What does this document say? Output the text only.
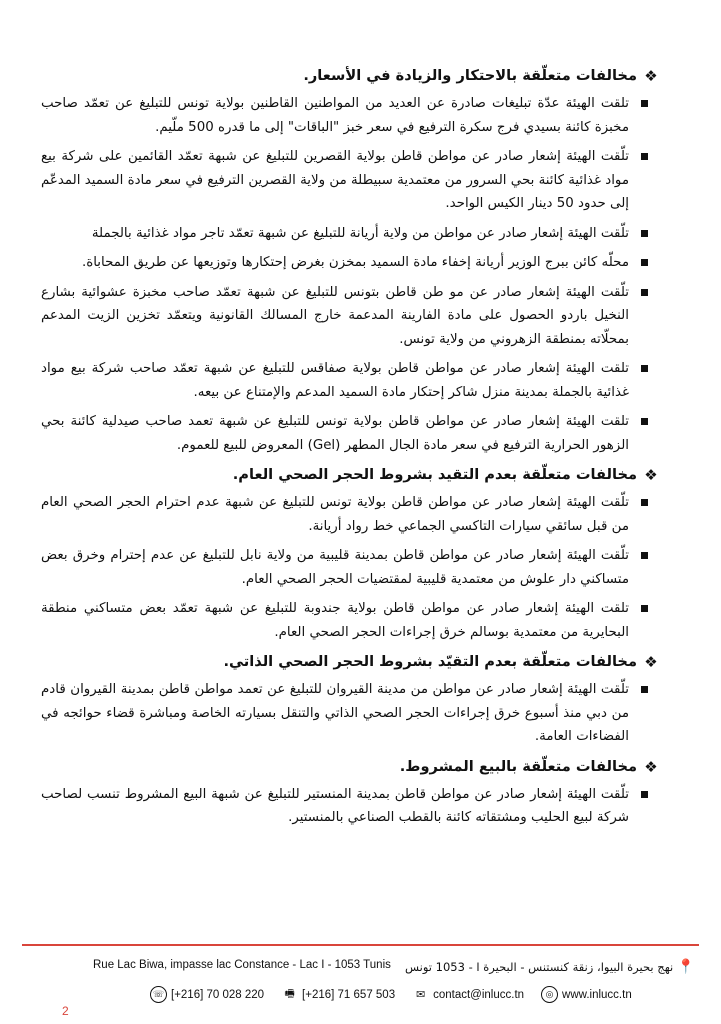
❖
مخالفات متعلّقة بالاحتكار والزيادة في الأسعار.
تلقت الهيئة عدّة تبليغات صادرة عن العديد من المواطنين القاطنين بولاية تونس للتبليغ عن تعمّد صاحب مخبزة كائنة بسيدي فرج سكرة الترفيع في سعر خبز "الباقات" إلى ما قدره 500 ملّيم.
تلّقت الهيئة إشعار صادر عن مواطن قاطن بولاية القصرين للتبليغ عن شبهة تعمّد القائمين على شركة بيع مواد غذائية كائنة بحي السرور من معتمدية سبيطلة من ولاية القصرين الترفيع في سعر مادة السميد المدعّم إلى حدود 50 دينار الكيس الواحد.
تلّقت الهيئة إشعار صادر عن مواطن من ولاية أريانة للتبليغ عن شبهة تعمّد تاجر مواد غذائية بالجملة
محلّه كائن ببرج الوزير أريانة إخفاء مادة السميد بمخزن بغرض إحتكارها وتوزيعها عن طريق المحاباة.
تلّقت الهيئة إشعار صادر عن مو طن قاطن بتونس للتبليغ عن شبهة تعمّد صاحب مخبزة عشوائية بشارع النخيل باردو الحصول على مادة الفارينة المدعمة خارج المسالك القانونية ويتعمّد تخزين الزيت المدعم بمحلّاته بمنطقة الزهروني من ولاية تونس.
تلقت الهيئة إشعار صادر عن مواطن قاطن بولاية صفاقس للتبليغ عن شبهة تعمّد صاحب شركة بيع مواد غذائية بالجملة بمدينة منزل شاكر إحتكار مادة السميد المدعم والإمتناع عن بيعه.
تلقت الهيئة إشعار صادر عن مواطن قاطن بولاية تونس للتبليغ عن شبهة تعمد صاحب صيدلية كائنة بحي الزهور الحرارية الترفيع في سعر مادة الجال المطهر (Gel) المعروض للبيع للعموم.
❖
مخالفات متعلّقة بعدم التقيد بشروط الحجر الصحي العام.
تلّقت الهيئة إشعار صادر عن مواطن قاطن بولاية تونس للتبليغ عن شبهة عدم احترام الحجر الصحي العام من قبل سائقي سيارات التاكسي الجماعي خط رواد أريانة.
تلّقت الهيئة إشعار صادر عن مواطن قاطن بمدينة قليبية من ولاية نابل للتبليغ عن عدم إحترام وخرق بعض متساكني دار علوش من معتمدية قليبية لمقتضيات الحجر الصحي العام.
تلقت الهيئة إشعار صادر عن مواطن قاطن بولاية جندوبة للتبليغ عن شبهة تعمّد بعض متساكني منطقة البحايرية من معتمدية بوسالم خرق إجراءات الحجر الصحي العام.
❖
مخالفات متعلّقة بعدم التقيّد بشروط الحجر الصحي الذاتي.
تلّقت الهيئة إشعار صادر عن مواطن من مدينة القيروان للتبليغ عن تعمد مواطن قاطن بمدينة القيروان قادم من دبي منذ أسبوع خرق إجراءات الحجر الصحي الذاتي والتنقل بسيارته الخاصة ومباشرة قضاء حوائجه في الفضاءات العامة.
❖
مخالفات متعلّقة بالبيع المشروط.
تلّقت الهيئة إشعار صادر عن مواطن قاطن بمدينة المنستير للتبليغ عن شبهة البيع المشروط تنسب لصاحب شركة لبيع الحليب ومشتقاته كائنة بالقطب الصناعي بالمنستير.
Rue Lac Biwa, impasse lac Constance - Lac I - 1053 Tunis	📍
نهج بحيرة البيوا، زنقة كنستنس - البحيرة ا - 1053 تونس
☏ [+216] 70 028 220 🖷 [+216] 71 657 503	✉ contact@inlucc.tn	◎ www.inlucc.tn
2
